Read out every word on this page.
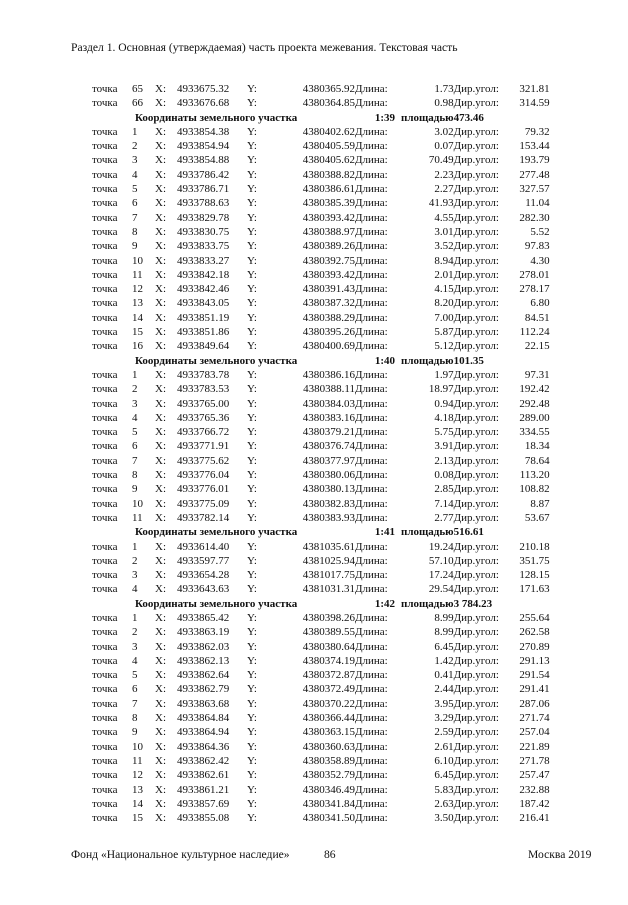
Раздел 1. Основная (утверждаемая) часть проекта межевания. Текстовая часть
точка	65	X:	4933675.32	Y:	4380365.92	Длина:	1.73	Дир.угол:	321.81
точка	66	X:	4933676.68	Y:	4380364.85	Длина:	0.98	Дир.угол:	314.59
Координаты земельного участка						1:39	площадью	473.46	
точка	1	X:	4933854.38	Y:	4380402.62	Длина:	3.02	Дир.угол:	79.32
точка	2	X:	4933854.94	Y:	4380405.59	Длина:	0.07	Дир.угол:	153.44
точка	3	X:	4933854.88	Y:	4380405.62	Длина:	70.49	Дир.угол:	193.79
точка	4	X:	4933786.42	Y:	4380388.82	Длина:	2.23	Дир.угол:	277.48
точка	5	X:	4933786.71	Y:	4380386.61	Длина:	2.27	Дир.угол:	327.57
точка	6	X:	4933788.63	Y:	4380385.39	Длина:	41.93	Дир.угол:	11.04
точка	7	X:	4933829.78	Y:	4380393.42	Длина:	4.55	Дир.угол:	282.30
точка	8	X:	4933830.75	Y:	4380388.97	Длина:	3.01	Дир.угол:	5.52
точка	9	X:	4933833.75	Y:	4380389.26	Длина:	3.52	Дир.угол:	97.83
точка	10	X:	4933833.27	Y:	4380392.75	Длина:	8.94	Дир.угол:	4.30
точка	11	X:	4933842.18	Y:	4380393.42	Длина:	2.01	Дир.угол:	278.01
точка	12	X:	4933842.46	Y:	4380391.43	Длина:	4.15	Дир.угол:	278.17
точка	13	X:	4933843.05	Y:	4380387.32	Длина:	8.20	Дир.угол:	6.80
точка	14	X:	4933851.19	Y:	4380388.29	Длина:	7.00	Дир.угол:	84.51
точка	15	X:	4933851.86	Y:	4380395.26	Длина:	5.87	Дир.угол:	112.24
точка	16	X:	4933849.64	Y:	4380400.69	Длина:	5.12	Дир.угол:	22.15
Координаты земельного участка						1:40	площадью	101.35	
точка	1	X:	4933783.78	Y:	4380386.16	Длина:	1.97	Дир.угол:	97.31
точка	2	X:	4933783.53	Y:	4380388.11	Длина:	18.97	Дир.угол:	192.42
точка	3	X:	4933765.00	Y:	4380384.03	Длина:	0.94	Дир.угол:	292.48
точка	4	X:	4933765.36	Y:	4380383.16	Длина:	4.18	Дир.угол:	289.00
точка	5	X:	4933766.72	Y:	4380379.21	Длина:	5.75	Дир.угол:	334.55
точка	6	X:	4933771.91	Y:	4380376.74	Длина:	3.91	Дир.угол:	18.34
точка	7	X:	4933775.62	Y:	4380377.97	Длина:	2.13	Дир.угол:	78.64
точка	8	X:	4933776.04	Y:	4380380.06	Длина:	0.08	Дир.угол:	113.20
точка	9	X:	4933776.01	Y:	4380380.13	Длина:	2.85	Дир.угол:	108.82
точка	10	X:	4933775.09	Y:	4380382.83	Длина:	7.14	Дир.угол:	8.87
точка	11	X:	4933782.14	Y:	4380383.93	Длина:	2.77	Дир.угол:	53.67
Координаты земельного участка						1:41	площадью	516.61	
точка	1	X:	4933614.40	Y:	4381035.61	Длина:	19.24	Дир.угол:	210.18
точка	2	X:	4933597.77	Y:	4381025.94	Длина:	57.10	Дир.угол:	351.75
точка	3	X:	4933654.28	Y:	4381017.75	Длина:	17.24	Дир.угол:	128.15
точка	4	X:	4933643.63	Y:	4381031.31	Длина:	29.54	Дир.угол:	171.63
Координаты земельного участка						1:42	площадью	3 784.23	
точка	1	X:	4933865.42	Y:	4380398.26	Длина:	8.99	Дир.угол:	255.64
точка	2	X:	4933863.19	Y:	4380389.55	Длина:	8.99	Дир.угол:	262.58
точка	3	X:	4933862.03	Y:	4380380.64	Длина:	6.45	Дир.угол:	270.89
точка	4	X:	4933862.13	Y:	4380374.19	Длина:	1.42	Дир.угол:	291.13
точка	5	X:	4933862.64	Y:	4380372.87	Длина:	0.41	Дир.угол:	291.54
точка	6	X:	4933862.79	Y:	4380372.49	Длина:	2.44	Дир.угол:	291.41
точка	7	X:	4933863.68	Y:	4380370.22	Длина:	3.95	Дир.угол:	287.06
точка	8	X:	4933864.84	Y:	4380366.44	Длина:	3.29	Дир.угол:	271.74
точка	9	X:	4933864.94	Y:	4380363.15	Длина:	2.59	Дир.угол:	257.04
точка	10	X:	4933864.36	Y:	4380360.63	Длина:	2.61	Дир.угол:	221.89
точка	11	X:	4933862.42	Y:	4380358.89	Длина:	6.10	Дир.угол:	271.78
точка	12	X:	4933862.61	Y:	4380352.79	Длина:	6.45	Дир.угол:	257.47
точка	13	X:	4933861.21	Y:	4380346.49	Длина:	5.83	Дир.угол:	232.88
точка	14	X:	4933857.69	Y:	4380341.84	Длина:	2.63	Дир.угол:	187.42
точка	15	X:	4933855.08	Y:	4380341.50	Длина:	3.50	Дир.угол:	216.41
Фонд «Национальное культурное наследие»	86	Москва 2019
